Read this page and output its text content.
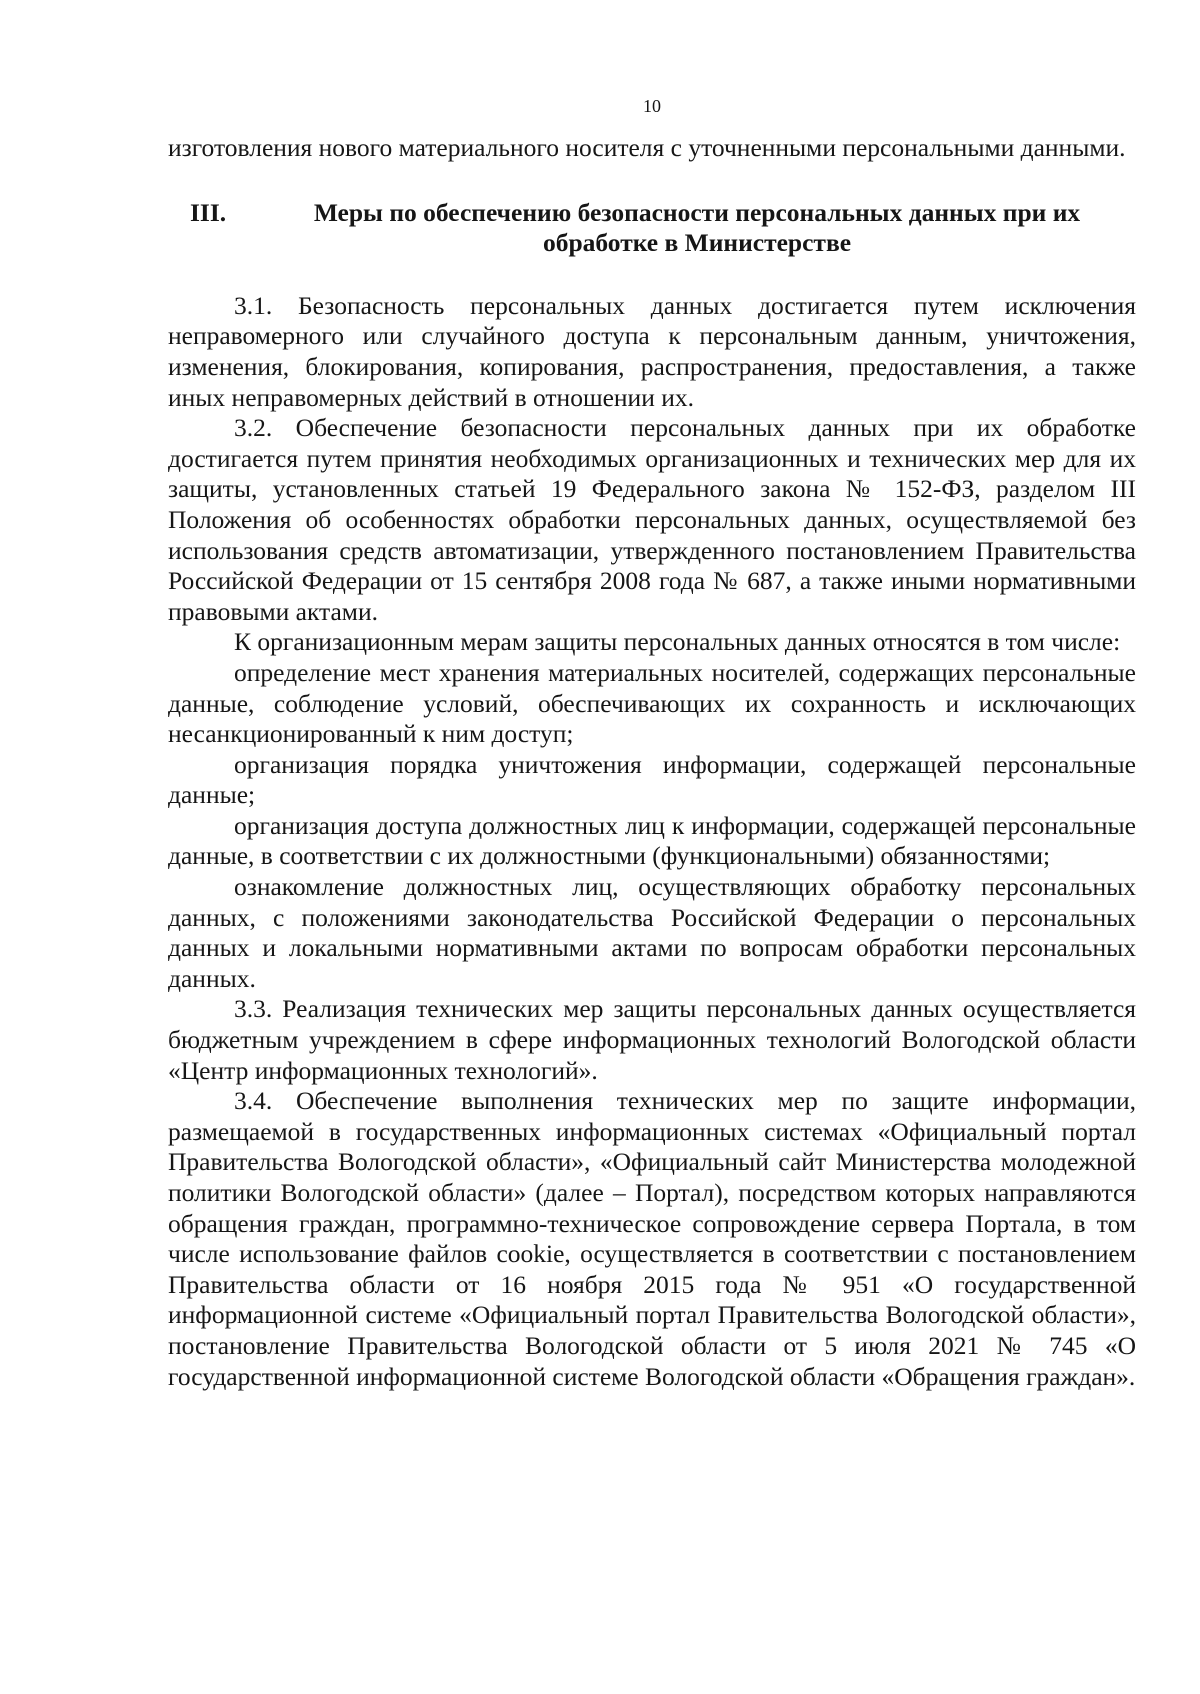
10

изготовления нового материального носителя с уточненными персональными данными.

III.	Меры по обеспечению безопасности персональных данных при их обработке в Министерстве

3.1. Безопасность персональных данных достигается путем исключения неправомерного или случайного доступа к персональным данным, уничтожения, изменения, блокирования, копирования, распространения, предоставления, а также иных неправомерных действий в отношении их.

3.2. Обеспечение безопасности персональных данных при их обработке достигается путем принятия необходимых организационных и технических мер для их защиты, установленных статьей 19 Федерального закона № 152-ФЗ, разделом III Положения об особенностях обработки персональных данных, осуществляемой без использования средств автоматизации, утвержденного постановлением Правительства Российской Федерации от 15 сентября 2008 года № 687, а также иными нормативными правовыми актами.

К организационным мерам защиты персональных данных относятся в том числе:

определение мест хранения материальных носителей, содержащих персональные данные, соблюдение условий, обеспечивающих их сохранность и исключающих несанкционированный к ним доступ;

организация порядка уничтожения информации, содержащей персональные данные;

организация доступа должностных лиц к информации, содержащей персональные данные, в соответствии с их должностными (функциональными) обязанностями;

ознакомление должностных лиц, осуществляющих обработку персональных данных, с положениями законодательства Российской Федерации о персональных данных и локальными нормативными актами по вопросам обработки персональных данных.

3.3. Реализация технических мер защиты персональных данных осуществляется бюджетным учреждением в сфере информационных технологий Вологодской области «Центр информационных технологий».

3.4. Обеспечение выполнения технических мер по защите информации, размещаемой в государственных информационных системах «Официальный портал Правительства Вологодской области», «Официальный сайт Министерства молодежной политики Вологодской области» (далее – Портал), посредством которых направляются обращения граждан, программно-техническое сопровождение сервера Портала, в том числе использование файлов cookie, осуществляется в соответствии с постановлением Правительства области от 16 ноября 2015 года № 951 «О государственной информационной системе «Официальный портал Правительства Вологодской области», постановление Правительства Вологодской области от 5 июля 2021 № 745 «О государственной информационной системе Вологодской области «Обращения граждан».
